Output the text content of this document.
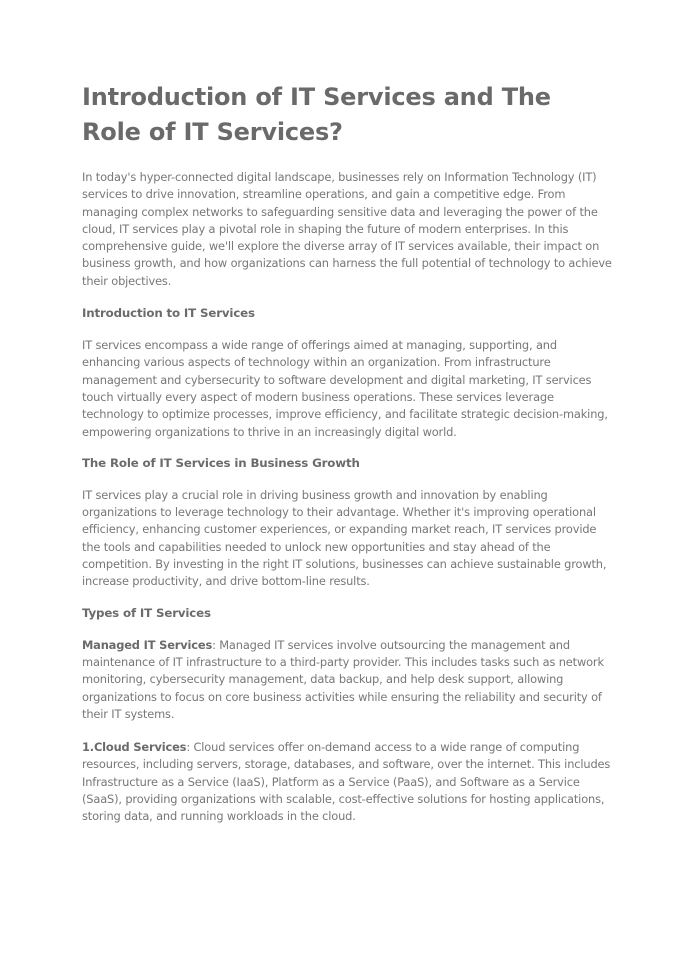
Introduction of IT Services and The Role of IT Services?

In today's hyper-connected digital landscape, businesses rely on Information Technology (IT) services to drive innovation, streamline operations, and gain a competitive edge. From managing complex networks to safeguarding sensitive data and leveraging the power of the cloud, IT services play a pivotal role in shaping the future of modern enterprises. In this comprehensive guide, we'll explore the diverse array of IT services available, their impact on business growth, and how organizations can harness the full potential of technology to achieve their objectives.

Introduction to IT Services

IT services encompass a wide range of offerings aimed at managing, supporting, and enhancing various aspects of technology within an organization. From infrastructure management and cybersecurity to software development and digital marketing, IT services touch virtually every aspect of modern business operations. These services leverage technology to optimize processes, improve efficiency, and facilitate strategic decision-making, empowering organizations to thrive in an increasingly digital world.

The Role of IT Services in Business Growth

IT services play a crucial role in driving business growth and innovation by enabling organizations to leverage technology to their advantage. Whether it's improving operational efficiency, enhancing customer experiences, or expanding market reach, IT services provide the tools and capabilities needed to unlock new opportunities and stay ahead of the competition. By investing in the right IT solutions, businesses can achieve sustainable growth, increase productivity, and drive bottom-line results.

Types of IT Services

Managed IT Services: Managed IT services involve outsourcing the management and maintenance of IT infrastructure to a third-party provider. This includes tasks such as network monitoring, cybersecurity management, data backup, and help desk support, allowing organizations to focus on core business activities while ensuring the reliability and security of their IT systems.

1.Cloud Services: Cloud services offer on-demand access to a wide range of computing resources, including servers, storage, databases, and software, over the internet. This includes Infrastructure as a Service (IaaS), Platform as a Service (PaaS), and Software as a Service (SaaS), providing organizations with scalable, cost-effective solutions for hosting applications, storing data, and running workloads in the cloud.
